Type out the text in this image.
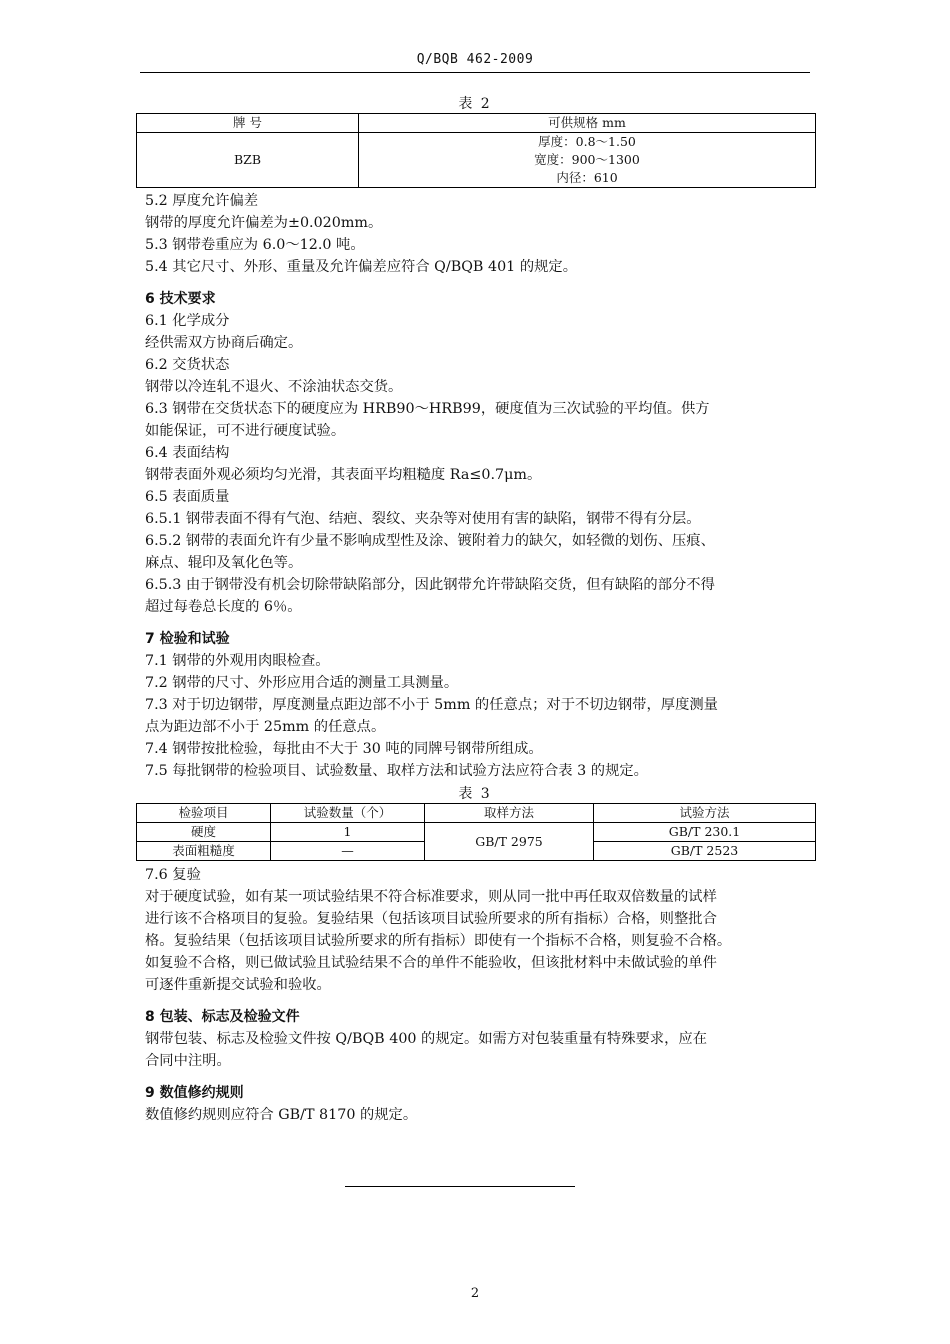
Q/BQB 462-2009
表 2
牌 号	可供规格 mm
BZB	厚度：0.8～1.50
宽度：900～1300
内径：610

5.2 厚度允许偏差

钢带的厚度允许偏差为±0.020mm。

5.3 钢带卷重应为 6.0～12.0 吨。

5.4 其它尺寸、外形、重量及允许偏差应符合 Q/BQB 401 的规定。

6 技术要求

6.1 化学成分

经供需双方协商后确定。

6.2 交货状态

钢带以冷连轧不退火、不涂油状态交货。

6.3 钢带在交货状态下的硬度应为 HRB90～HRB99，硬度值为三次试验的平均值。供方

如能保证，可不进行硬度试验。

6.4 表面结构

钢带表面外观必须均匀光滑，其表面平均粗糙度 Ra≤0.7μm。

6.5 表面质量

6.5.1 钢带表面不得有气泡、结疤、裂纹、夹杂等对使用有害的缺陷，钢带不得有分层。

6.5.2 钢带的表面允许有少量不影响成型性及涂、镀附着力的缺欠，如轻微的划伤、压痕、

麻点、辊印及氧化色等。

6.5.3 由于钢带没有机会切除带缺陷部分，因此钢带允许带缺陷交货，但有缺陷的部分不得

超过每卷总长度的 6％。

7 检验和试验

7.1 钢带的外观用肉眼检查。

7.2 钢带的尺寸、外形应用合适的测量工具测量。

7.3 对于切边钢带，厚度测量点距边部不小于 5mm 的任意点；对于不切边钢带，厚度测量

点为距边部不小于 25mm 的任意点。

7.4 钢带按批检验，每批由不大于 30 吨的同牌号钢带所组成。

7.5 每批钢带的检验项目、试验数量、取样方法和试验方法应符合表 3 的规定。

表 3
检验项目	试验数量（个）	取样方法	试验方法
硬度	1	GB/T 2975	GB/T 230.1
表面粗糙度	—		GB/T 2523

7.6 复验

对于硬度试验，如有某一项试验结果不符合标准要求，则从同一批中再任取双倍数量的试样

进行该不合格项目的复验。复验结果（包括该项目试验所要求的所有指标）合格，则整批合

格。复验结果（包括该项目试验所要求的所有指标）即使有一个指标不合格，则复验不合格。

如复验不合格，则已做试验且试验结果不合的单件不能验收，但该批材料中未做试验的单件

可逐件重新提交试验和验收。

8 包装、标志及检验文件

钢带包装、标志及检验文件按 Q/BQB 400 的规定。如需方对包装重量有特殊要求，应在

合同中注明。

9 数值修约规则

数值修约规则应符合 GB/T 8170 的规定。

2
